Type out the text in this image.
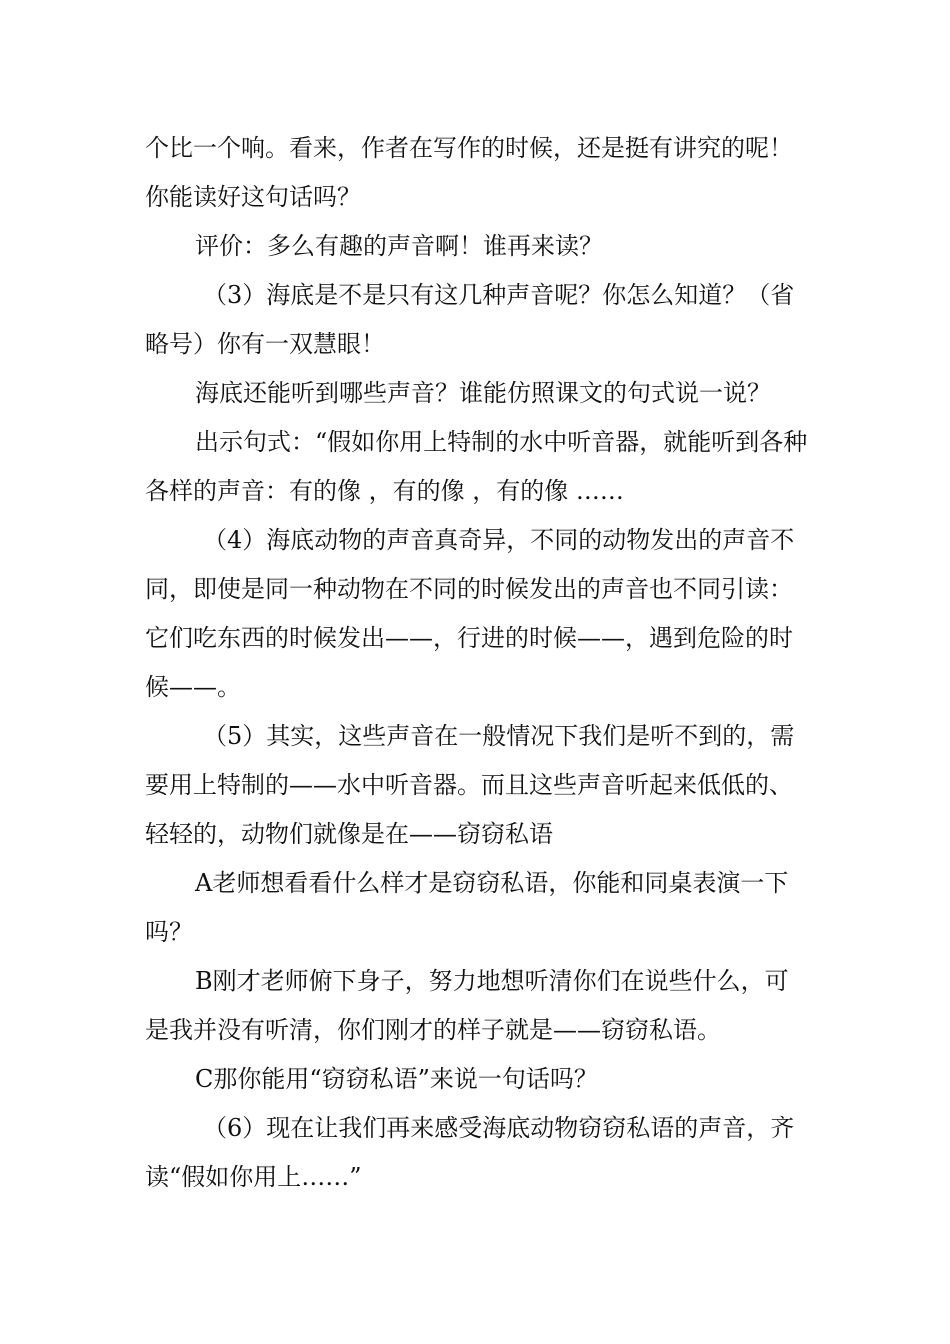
个比一个响。看来，作者在写作的时候，还是挺有讲究的呢！你能读好这句话吗？

评价：多么有趣的声音啊！谁再来读？

（3）海底是不是只有这几种声音呢？你怎么知道？（省略号）你有一双慧眼！

海底还能听到哪些声音？谁能仿照课文的句式说一说？

出示句式：“假如你用上特制的水中听音器，就能听到各种各样的声音：有的像 ，有的像 ，有的像 ……

（4）海底动物的声音真奇异，不同的动物发出的声音不同，即使是同一种动物在不同的时候发出的声音也不同引读：它们吃东西的时候发出——，行进的时候——，遇到危险的时候——。

（5）其实，这些声音在一般情况下我们是听不到的，需要用上特制的——水中听音器。而且这些声音听起来低低的、轻轻的，动物们就像是在——窃窃私语

A老师想看看什么样才是窃窃私语，你能和同桌表演一下吗？

B刚才老师俯下身子，努力地想听清你们在说些什么，可是我并没有听清，你们刚才的样子就是——窃窃私语。

C那你能用“窃窃私语”来说一句话吗？

（6）现在让我们再来感受海底动物窃窃私语的声音，齐读“假如你用上……”
